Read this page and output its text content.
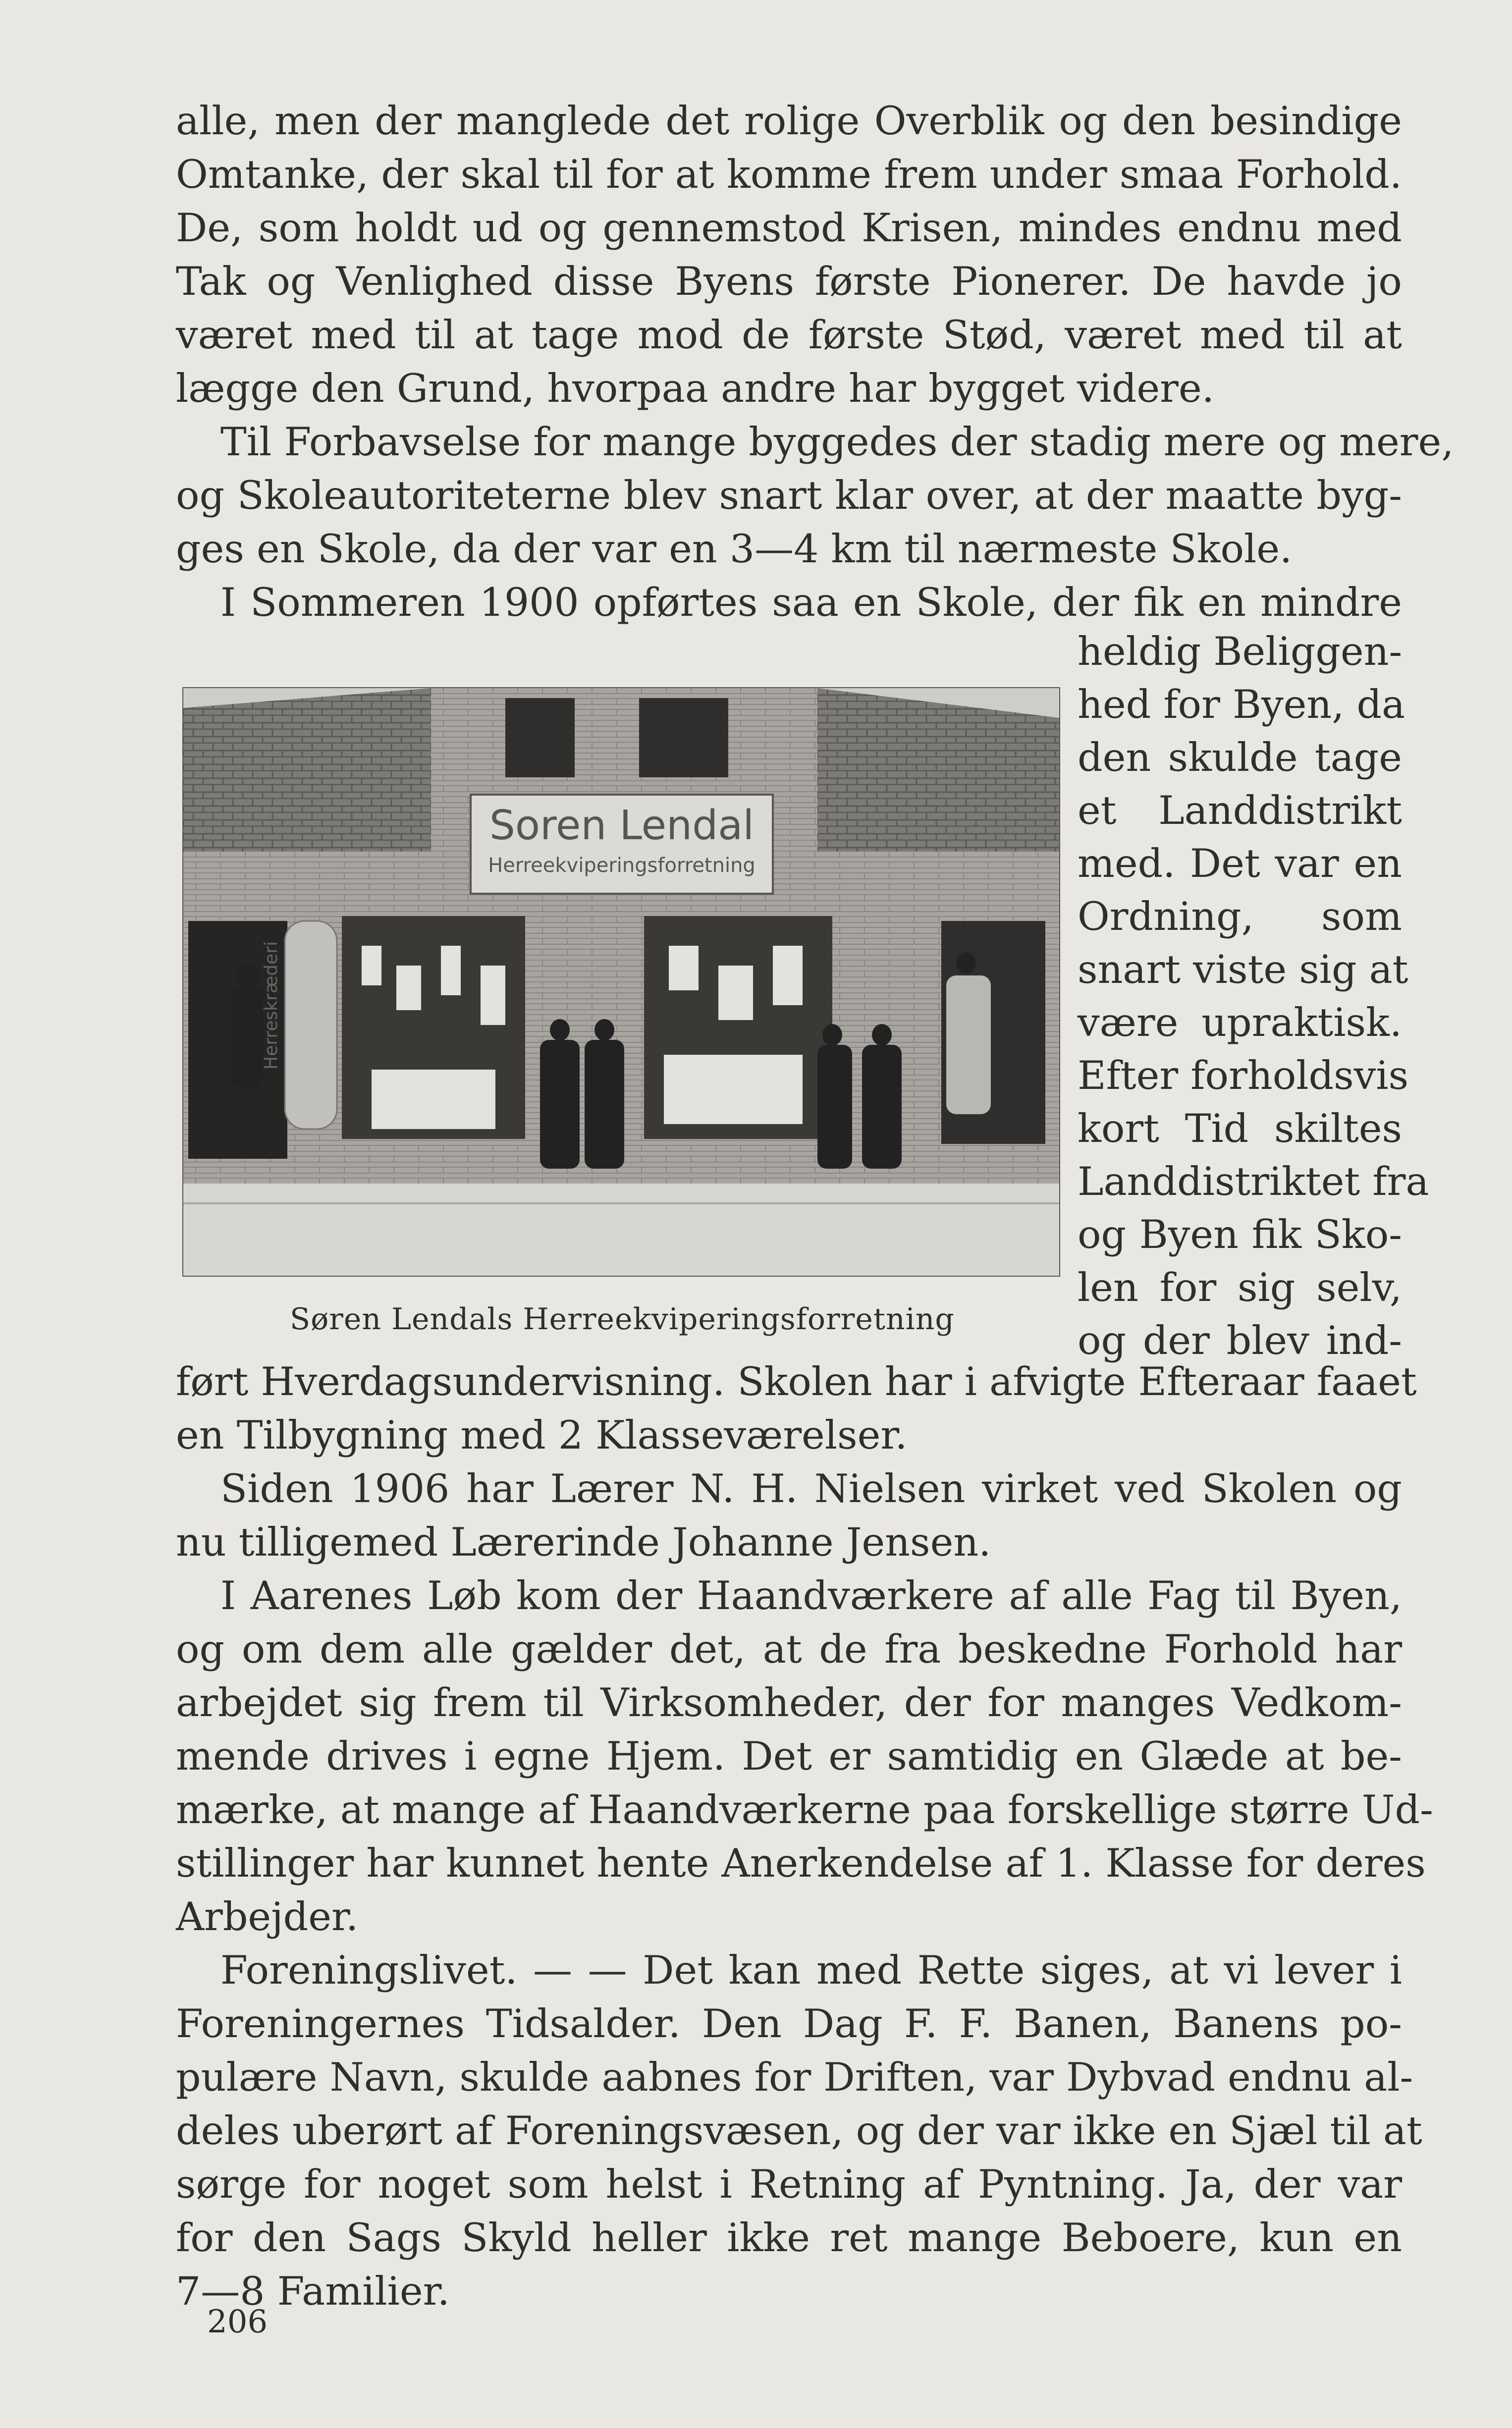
alle, men der manglede det rolige Overblik og den besindige
Omtanke, der skal til for at komme frem under smaa Forhold.
De, som holdt ud og gennemstod Krisen, mindes endnu med
Tak og Venlighed disse Byens første Pionerer. De havde jo
været med til at tage mod de første Stød, været med til at
lægge den Grund, hvorpaa andre har bygget videre.
Til Forbavselse for mange byggedes der stadig mere og mere,
og Skoleautoriteterne blev snart klar over, at der maatte byg-
ges en Skole, da der var en 3—4 km til nærmeste Skole.
I Sommeren 1900 opførtes saa en Skole, der fik en mindre
Soren Lendal
Herreekviperingsforretning
Herreskræderi
heldig Beliggen-
hed for Byen, da
den skulde tage
et Landdistrikt
med. Det var en
Ordning, som
snart viste sig at
være upraktisk.
Efter forholdsvis
kort Tid skiltes
Landdistriktet fra
og Byen fik Sko-
len for sig selv,
og der blev ind-
Søren Lendals Herreekviperingsforretning
ført Hverdagsundervisning. Skolen har i afvigte Efteraar faaet
en Tilbygning med 2 Klasseværelser.
Siden 1906 har Lærer N. H. Nielsen virket ved Skolen og
nu tilligemed Lærerinde Johanne Jensen.
I Aarenes Løb kom der Haandværkere af alle Fag til Byen,
og om dem alle gælder det, at de fra beskedne Forhold har
arbejdet sig frem til Virksomheder, der for manges Vedkom-
mende drives i egne Hjem. Det er samtidig en Glæde at be-
mærke, at mange af Haandværkerne paa forskellige større Ud-
stillinger har kunnet hente Anerkendelse af 1. Klasse for deres
Arbejder.
Foreningslivet. — — Det kan med Rette siges, at vi lever i
Foreningernes Tidsalder. Den Dag F. F. Banen, Banens po-
pulære Navn, skulde aabnes for Driften, var Dybvad endnu al-
deles uberørt af Foreningsvæsen, og der var ikke en Sjæl til at
sørge for noget som helst i Retning af Pyntning. Ja, der var
for den Sags Skyld heller ikke ret mange Beboere, kun en
7—8 Familier.
206
